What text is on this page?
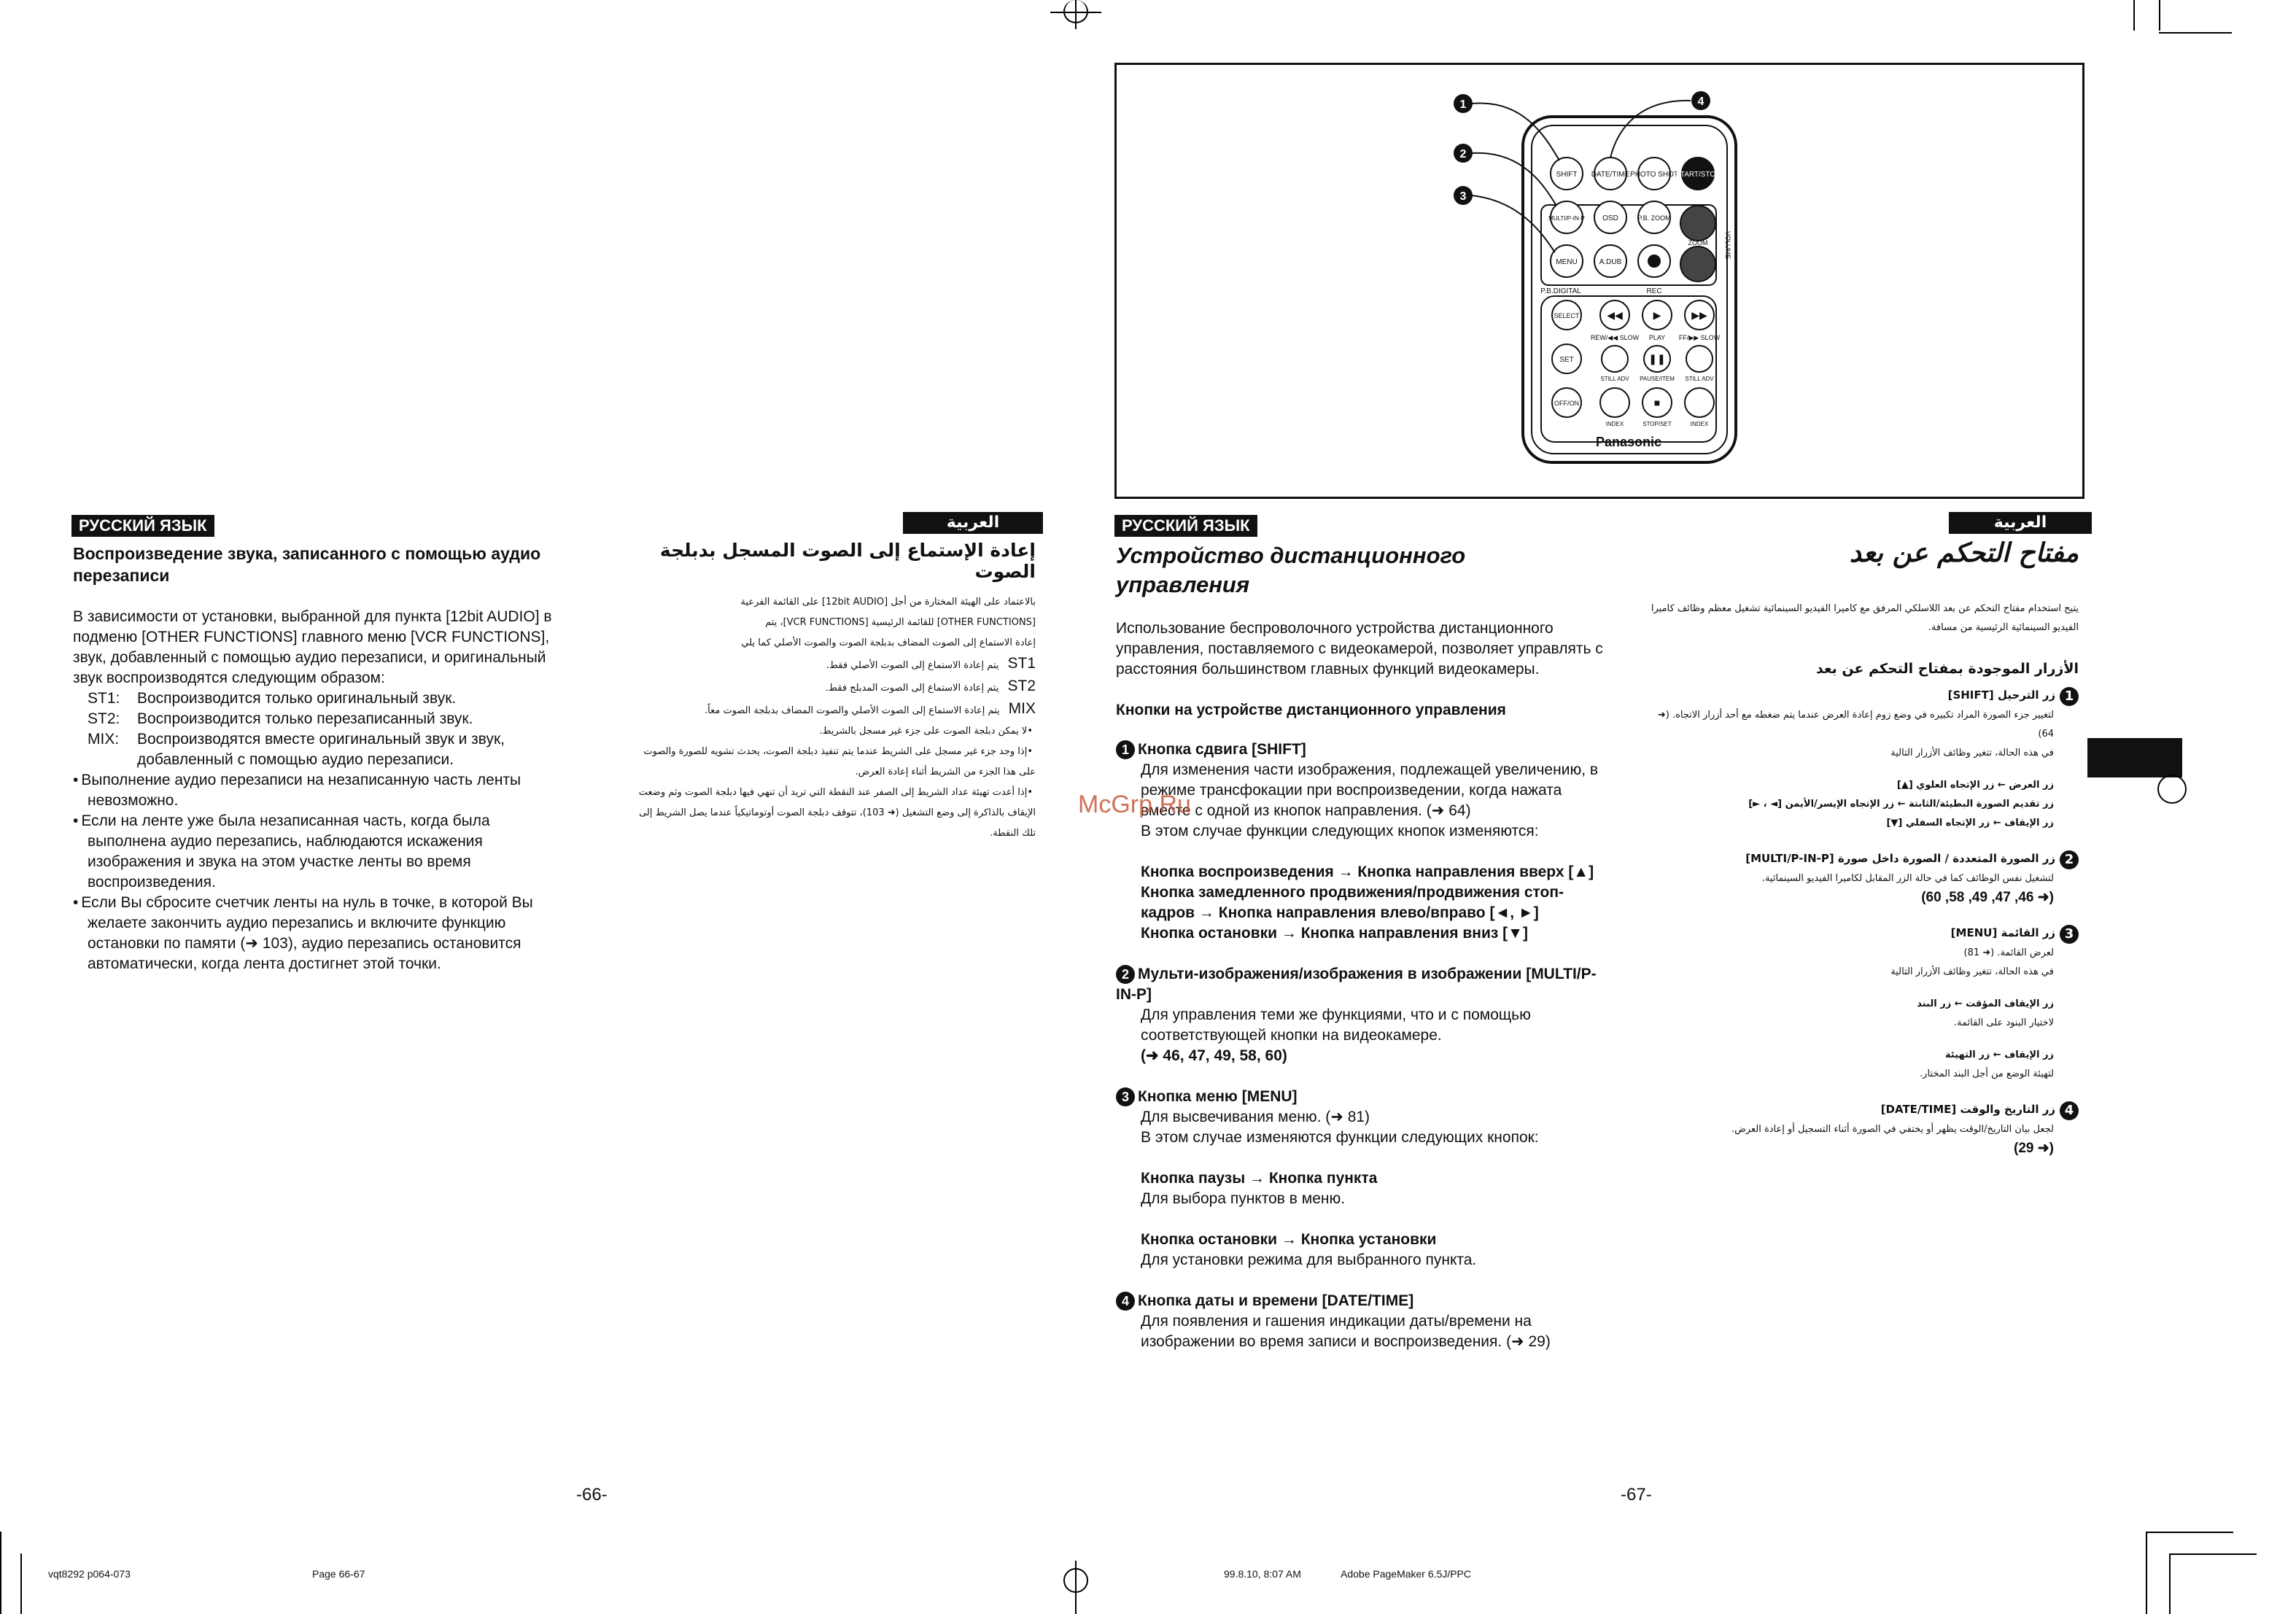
РУССКИЙ ЯЗЫК
Воспроизведение звука, записанного с помощью аудио перезаписи
В зависимости от установки, выбранной для пункта [12bit AUDIO] в подменю [OTHER FUNCTIONS] главного меню [VCR FUNCTIONS], звук, добавленный с помощью аудио перезаписи, и оригинальный звук воспроизводятся следующим образом:
ST1:	Воспроизводится только оригинальный звук.
ST2:	Воспроизводится только перезаписанный звук.
MIX:	Воспроизводятся вместе оригинальный звук и звук, добавленный с помощью аудио перезаписи.
• Выполнение аудио перезаписи на незаписанную часть ленты невозможно.
• Если на ленте уже была незаписанная часть, когда была выполнена аудио перезапись, наблюдаются искажения изображения и звука на этом участке ленты во время воспроизведения.
• Если Вы сбросите счетчик ленты на нуль в точке, в которой Вы желаете закончить аудио перезапись и включите функцию остановки по памяти (➜ 103), аудио перезапись остановится автоматически, когда лента достигнет этой точки.
العربية
إعادة الإستماع إلى الصوت المسجل بدبلجة الصوت
بالاعتماد على الهيئة المختارة من أجل [12bit AUDIO] على القائمة الفرعية
[OTHER FUNCTIONS] للقائمة الرئيسية [VCR FUNCTIONS]، يتم
إعادة الاستماع إلى الصوت المضاف بدبلجة الصوت والصوت الأصلي كما يلي
ST1يتم إعادة الاستماع إلى الصوت الأصلي فقط.
ST2يتم إعادة الاستماع إلى الصوت المدبلج فقط.
MIXيتم إعادة الاستماع إلى الصوت الأصلي والصوت المضاف بدبلجة الصوت معاً.
• لا يمكن دبلجة الصوت على جزء غير مسجل بالشريط.
• إذا وجد جزء غير مسجل على الشريط عندما يتم تنفيذ دبلجة الصوت، يحدث تشويه للصورة والصوت على هذا الجزء من الشريط أثناء إعادة العرض.
• إذا أعدت تهيئة عداد الشريط إلى الصفر عند النقطة التي تريد أن تنهي فيها دبلجة الصوت وثم وضعت الإيقاف بالذاكرة إلى وضع التشغيل (➜ 103)، تتوقف دبلجة الصوت أوتوماتيكياً عندما يصل الشريط إلى تلك النقطة.
-66-
SHIFT DATE/TIME PHOTO SHOT
START/STOP
MULTI/P-IN-P OSD	P.B. ZOOM
MENU	A.DUB
ZOOM	VOLUME
P.B.DIGITAL	REC
SELECT
SET
OFF/ON
◀◀	▶	▶▶
REW/◀◀ SLOW PLAY FF/▶▶ SLOW
❚❚
STILL ADV PAUSE/ITEM STILL ADV
■
INDEX	STOP/SET	INDEX
Panasonic
1
2
3
4
РУССКИЙ ЯЗЫК
Устройство дистанционного управления
Использование беспроволочного устройства дистанционного управления, поставляемого с видеокамерой, позволяет управлять с расстояния большинством главных функций видеокамеры.
Кнопки на устройстве дистанционного управления
1 Кнопка сдвига [SHIFT]
Для изменения части изображения, подлежащей увеличению, в режиме трансфокации при воспроизведении, когда нажата вместе с одной из кнопок направления. (➜ 64)
В этом случае функции следующих кнопок изменяются:
Кнопка воспроизведения → Кнопка направления вверх [▲]
Кнопка замедленного продвижения/продвижения стоп-кадров → Кнопка направления влево/вправо [◄, ►]
Кнопка остановки → Кнопка направления вниз [▼]
2 Мульти-изображения/изображения в изображении [MULTI/P-IN-P]
Для управления теми же функциями, что и с помощью соответствующей кнопки на видеокамере.
(➜ 46, 47, 49, 58, 60)
3 Кнопка меню [MENU]
Для высвечивания меню. (➜ 81)
В этом случае изменяются функции следующих кнопок:
Кнопка паузы → Кнопка пункта
Для выбора пунктов в меню.
Кнопка остановки → Кнопка установки
Для установки режима для выбранного пункта.
4 Кнопка даты и времени [DATE/TIME]
Для появления и гашения индикации даты/времени на изображении во время записи и воспроизведения. (➜ 29)
McGrp.Ru
العربية
مفتاح التحكم عن بعد
يتيح استخدام مفتاح التحكم عن بعد اللاسلكي المرفق مع كاميرا الفيديو السينمائية تشغيل معظم وظائف كاميرا الفيديو السينمائية الرئيسية من مسافة.
الأزرار الموجودة بمفتاح التحكم عن بعد
1زر الترحيل [SHIFT]
لتغيير جزء الصورة المراد تكبيره في وضع زوم إعادة العرض عندما يتم ضغطه مع أحد أزرار الاتجاه. (➜ 64)
في هذه الحالة، تتغير وظائف الأزرار التالية
زر العرض ← زر الإتجاه العلوي [▲]
زر تقديم الصورة البطيئة/الثابتة ← زر الإتجاه الإيسر/الأيمن [◄ ، ►]
زر الإيقاف ← زر الإتجاه السفلي [▼]
2زر الصورة المتعددة / الصورة داخل صورة [MULTI/P-IN-P]
لتشغيل نفس الوظائف كما في حالة الزر المقابل لكاميرا الفيديو السينمائية.
(➜ 46, 47, 49, 58, 60)
3زر القائمة [MENU]
لعرض القائمة. (➜ 81)
في هذه الحالة، تتغير وظائف الأزرار التالية
زر الإيقاف المؤقت ← زر البند
لاختيار البنود على القائمة.
زر الإيقاف ← زر التهيئة
لتهيئة الوضع من أجل البند المختار.
4زر التاريخ والوقت [DATE/TIME]
لجعل بيان التاريخ/الوقت يظهر أو يختفي في الصورة أثناء التسجيل أو إعادة العرض.
(➜ 29)
-67-
vqt8292 p064-073	Page 66-67	99.8.10, 8:07 AM	Adobe PageMaker 6.5J/PPC
